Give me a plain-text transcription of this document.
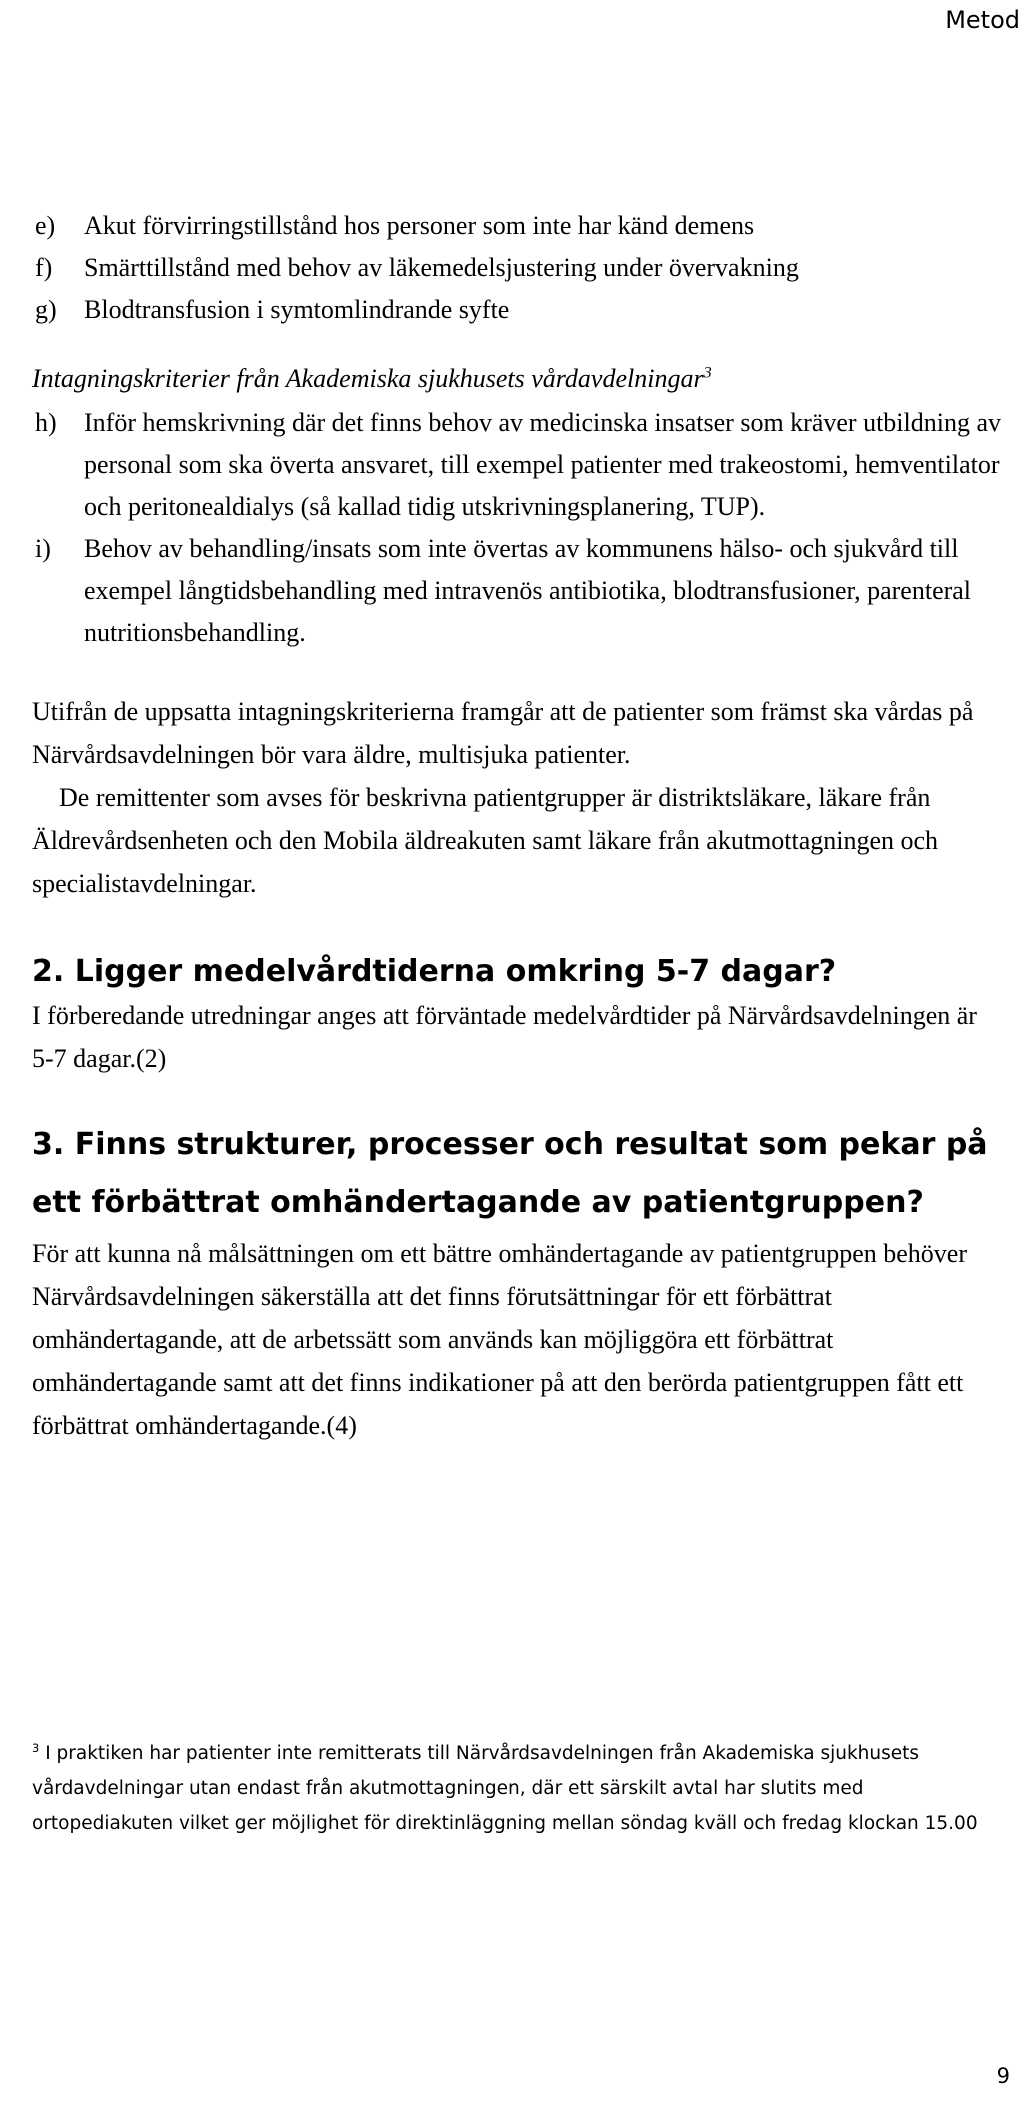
Metod
e) Akut förvirringstillstånd hos personer som inte har känd demens
f) Smärttillstånd med behov av läkemedelsjustering under övervakning
g) Blodtransfusion i symtomlindrande syfte
Intagningskriterier från Akademiska sjukhusets vårdavdelningar$^3$
h) Inför hemskrivning där det finns behov av medicinska insatser som kräver utbildning av personal som ska överta ansvaret, till exempel patienter med trakeostomi, hemventilator och peritonealdialys (så kallad tidig utskrivningsplanering, TUP).
i) Behov av behandling/insats som inte övertas av kommunens hälso- och sjukvård till exempel långtidsbehandling med intravenös antibiotika, blodtransfusioner, parenteral nutritionsbehandling.

Utifrån de uppsatta intagningskriterierna framgår att de patienter som främst ska vårdas på Närvårdsavdelningen bör vara äldre, multisjuka patienter.

De remittenter som avses för beskrivna patientgrupper är distriktsläkare, läkare från Äldrevårdsenheten och den Mobila äldreakuten samt läkare från akutmottagningen och specialistavdelningar.

2. Ligger medelvårdtiderna omkring 5-7 dagar?

I förberedande utredningar anges att förväntade medelvårdtider på Närvårdsavdelningen är 5-7 dagar.(2)

3. Finns strukturer, processer och resultat som pekar på ett förbättrat omhändertagande av patientgruppen?

För att kunna nå målsättningen om ett bättre omhändertagande av patientgruppen behöver Närvårdsavdelningen säkerställa att det finns förutsättningar för ett förbättrat omhändertagande, att de arbetssätt som används kan möjliggöra ett förbättrat omhändertagande samt att det finns indikationer på att den berörda patientgruppen fått ett förbättrat omhändertagande.(4)

$^3$ I praktiken har patienter inte remitterats till Närvårdsavdelningen från Akademiska sjukhusets vårdavdelningar utan endast från akutmottagningen, där ett särskilt avtal har slutits med ortopediakuten vilket ger möjlighet för direktinläggning mellan söndag kväll och fredag klockan 15.00
9
